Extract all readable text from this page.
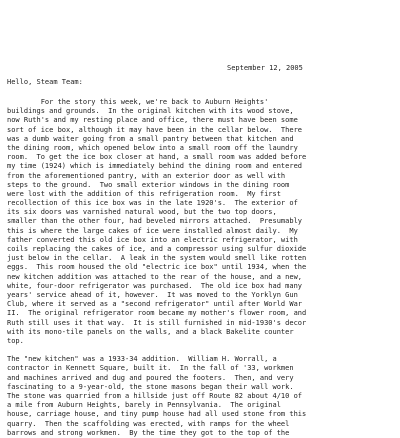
September 12, 2005
Hello, Steam Team:
For the story this week, we're back to Auburn Heights'
buildings and grounds.  In the original kitchen with its wood stove,
now Ruth's and my resting place and office, there must have been some
sort of ice box, although it may have been in the cellar below.  There
was a dumb waiter going from a small pantry between that kitchen and
the dining room, which opened below into a small room off the laundry
room.  To get the ice box closer at hand, a small room was added before
my time (1924) which is immediately behind the dining room and entered
from the aforementioned pantry, with an exterior door as well with
steps to the ground.  Two small exterior windows in the dining room
were lost with the addition of this refrigeration room.  My first
recollection of this ice box was in the late 1920's.  The exterior of
its six doors was varnished natural wood, but the two top doors,
smaller than the other four, had beveled mirrors attached.  Presumably
this is where the large cakes of ice were installed almost daily.  My
father converted this old ice box into an electric refrigerator, with
coils replacing the cakes of ice, and a compressor using sulfur dioxide
just below in the cellar.  A leak in the system would smell like rotten
eggs.  This room housed the old "electric ice box" until 1934, when the
new kitchen addition was attached to the rear of the house, and a new,
white, four-door refrigerator was purchased.  The old ice box had many
years' service ahead of it, however.  It was moved to the Yorklyn Gun
Club, where it served as a "second refrigerator" until after World War
II.  The original refrigerator room became my mother's flower room, and
Ruth still uses it that way.  It is still furnished in mid-1930's decor
with its mono-tile panels on the walls, and a black Bakelite counter
top.
The "new kitchen" was a 1933-34 addition.  William H. Worrall, a
contractor in Kennett Square, built it.  In the fall of '33, workmen
and machines arrived and dug and poured the footers.  Then, and very
fascinating to a 9-year-old, the stone masons began their wall work.
The stone was quarried from a hillside just off Route 82 about 4/10 of
a mile from Auburn Heights, barely in Pennsylvania.  The original
house, carriage house, and tiny pump house had all used stone from this
quarry.  Then the scaffolding was erected, with ramps for the wheel
barrows and strong workmen.  By the time they got to the top of the
